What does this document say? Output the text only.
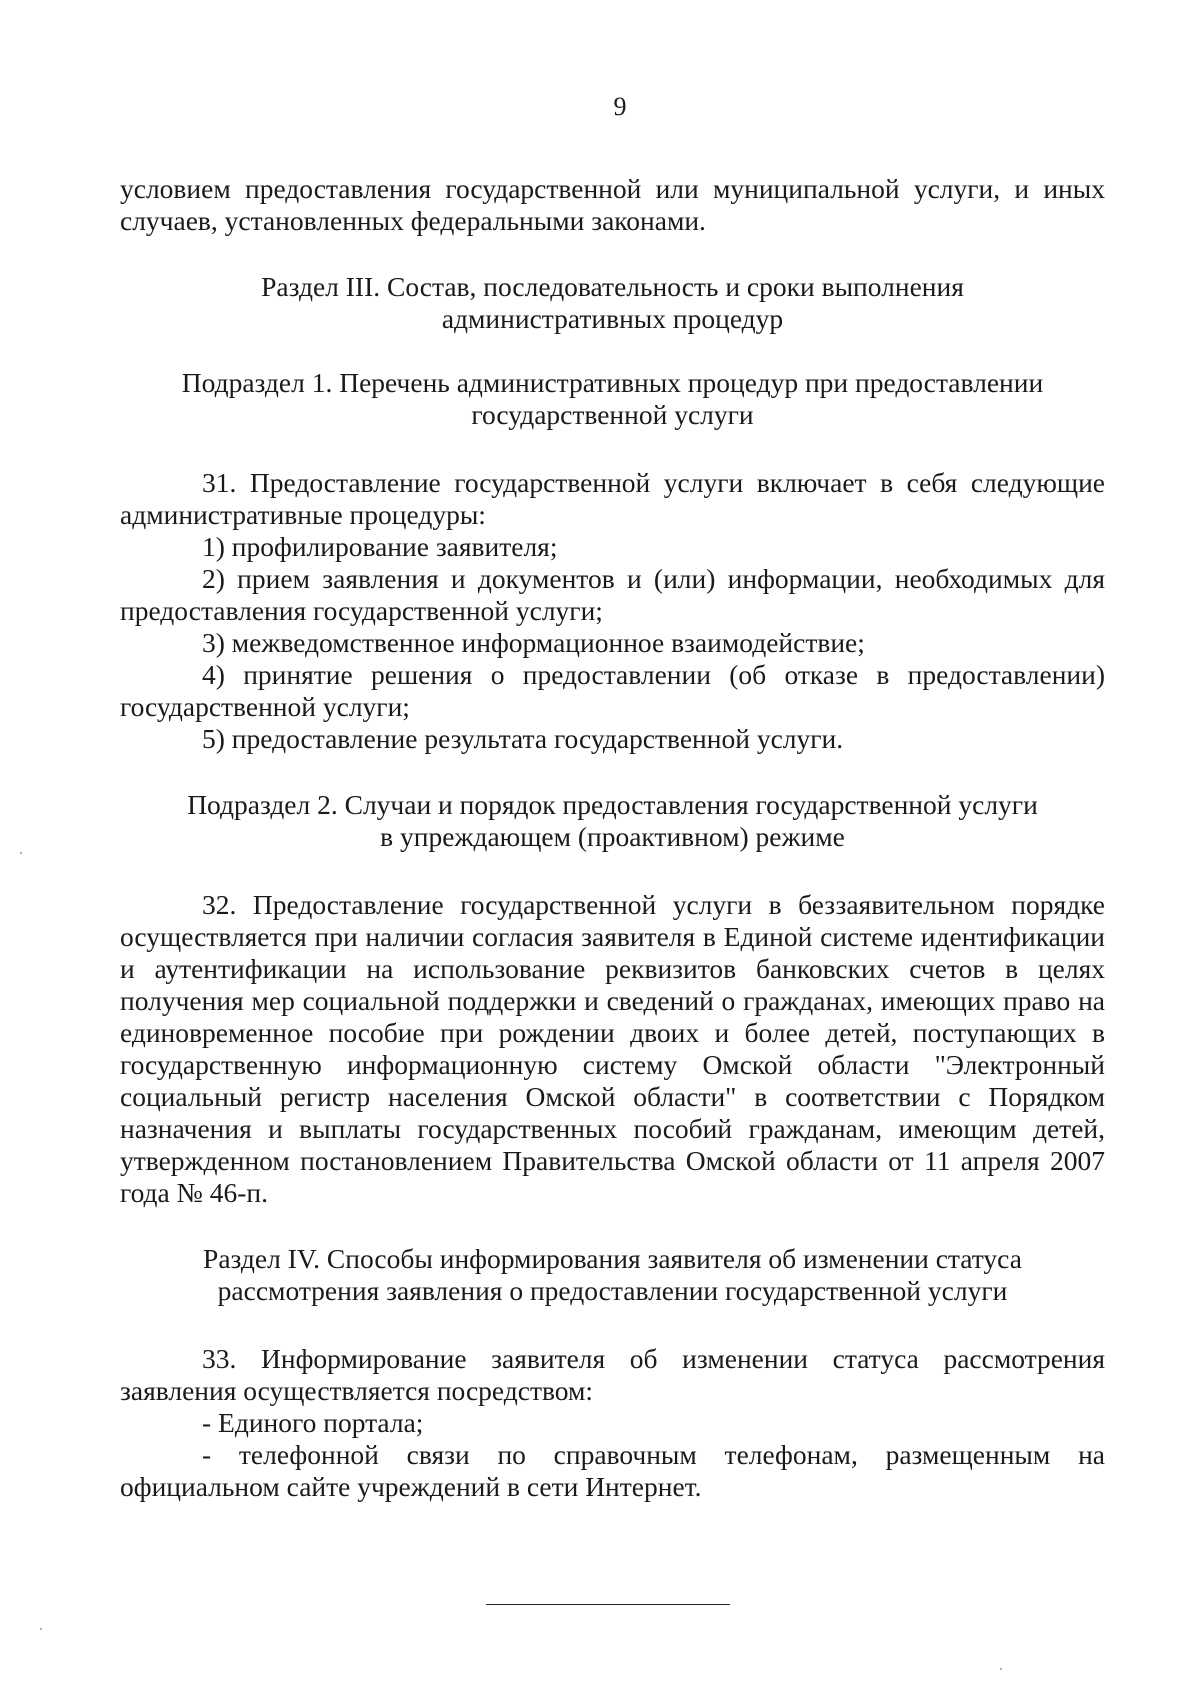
9

условием предоставления государственной или муниципальной услуги, и иных случаев, установленных федеральными законами.

Раздел III. Состав, последовательность и сроки выполнения
административных процедур
Подраздел 1. Перечень административных процедур при предоставлении
государственной услуги

31. Предоставление государственной услуги включает в себя следующие административные процедуры:

1) профилирование заявителя;

2) прием заявления и документов и (или) информации, необходимых для предоставления государственной услуги;

3) межведомственное информационное взаимодействие;

4) принятие решения о предоставлении (об отказе в предоставлении) государственной услуги;

5) предоставление результата государственной услуги.

Подраздел 2. Случаи и порядок предоставления государственной услуги
в упреждающем (проактивном) режиме

32. Предоставление государственной услуги в беззаявительном порядке осуществляется при наличии согласия заявителя в Единой системе идентификации и аутентификации на использование реквизитов банковских счетов в целях получения мер социальной поддержки и сведений о гражданах, имеющих право на единовременное пособие при рождении двоих и более детей, поступающих в государственную информационную систему Омской области "Электронный социальный регистр населения Омской области" в соответствии с Порядком назначения и выплаты государственных пособий гражданам, имеющим детей, утвержденном постановлением Правительства Омской области от 11 апреля 2007 года № 46-п.

Раздел IV. Способы информирования заявителя об изменении статуса
рассмотрения заявления о предоставлении государственной услуги

33. Информирование заявителя об изменении статуса рассмотрения заявления осуществляется посредством:

- Единого портала;

- телефонной связи по справочным телефонам, размещенным на официальном сайте учреждений в сети Интернет.
